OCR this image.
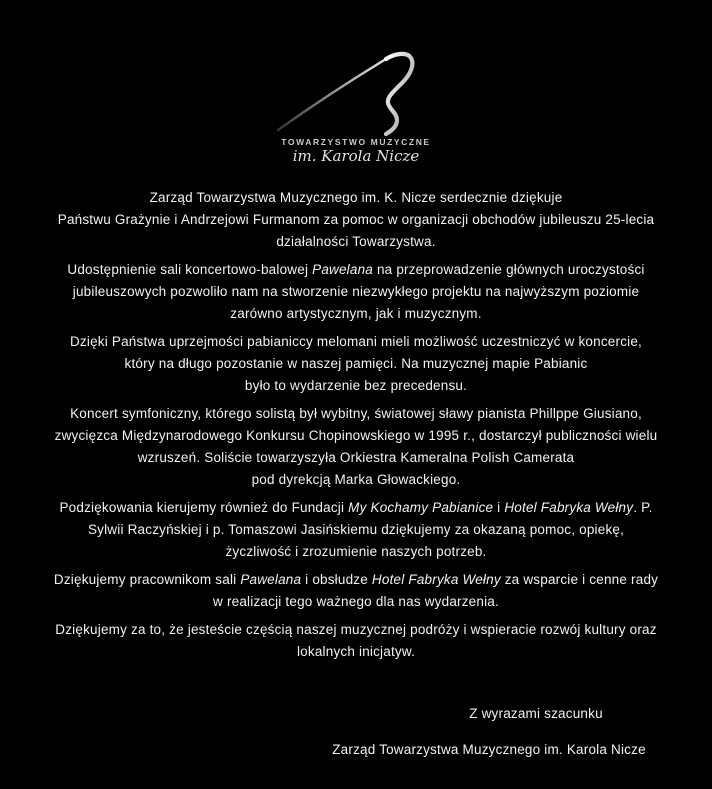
TOWARZYSTWO MUZYCZNE
im. Karola Nicze

Zarząd Towarzystwa Muzycznego im. K. Nicze serdecznie dziękuje
Państwu Grażynie i Andrzejowi Furmanom za pomoc w organizacji obchodów jubileuszu 25-lecia
działalności Towarzystwa.

Udostępnienie sali koncertowo-balowej Pawelana na przeprowadzenie głównych uroczystości
jubileuszowych pozwoliło nam na stworzenie niezwykłego projektu na najwyższym poziomie
zarówno artystycznym, jak i muzycznym.

Dzięki Państwa uprzejmości pabianiccy melomani mieli możliwość uczestniczyć w koncercie,
który na długo pozostanie w naszej pamięci. Na muzycznej mapie Pabianic
było to wydarzenie bez precedensu.

Koncert symfoniczny, którego solistą był wybitny, światowej sławy pianista Phillppe Giusiano,
zwycięzca Międzynarodowego Konkursu Chopinowskiego w 1995 r., dostarczył publiczności wielu
wzruszeń. Soliście towarzyszyła Orkiestra Kameralna Polish Camerata
pod dyrekcją Marka Głowackiego.

Podziękowania kierujemy również do Fundacji My Kochamy Pabianice i Hotel Fabryka Wełny. P.
Sylwii Raczyńskiej i p. Tomaszowi Jasińskiemu dziękujemy za okazaną pomoc, opiekę,
życzliwość i zrozumienie naszych potrzeb.

Dziękujemy pracownikom sali Pawelana i obsłudze Hotel Fabryka Wełny za wsparcie i cenne rady
w realizacji tego ważnego dla nas wydarzenia.

Dziękujemy za to, że jesteście częścią naszej muzycznej podróży i wspieracie rozwój kultury oraz
lokalnych inicjatyw.

Z wyrazami szacunku
Zarząd Towarzystwa Muzycznego im. Karola Nicze
